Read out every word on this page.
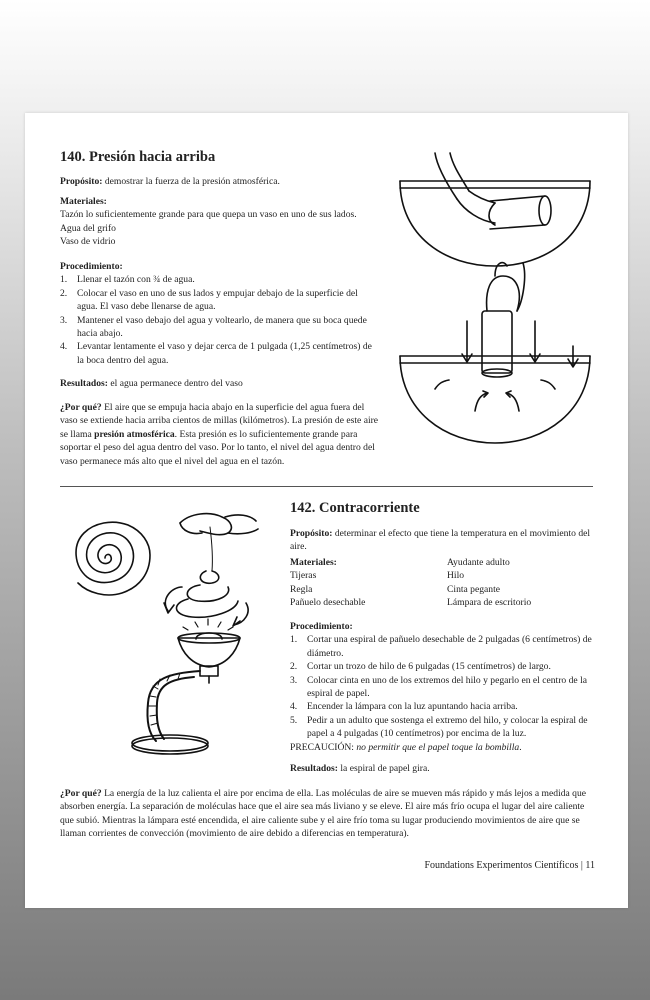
140. Presión hacia arriba
Propósito: demostrar la fuerza de la presión atmosférica.
Materiales:
Tazón lo suficientemente grande para que quepa un vaso en uno de sus lados.
Agua del grifo
Vaso de vidrio
Procedimiento:
1. Llenar el tazón con ¾ de agua.
2. Colocar el vaso en uno de sus lados y empujar debajo de la superficie del agua. El vaso debe llenarse de agua.
3. Mantener el vaso debajo del agua y voltearlo, de manera que su boca quede hacia abajo.
4. Levantar lentamente el vaso y dejar cerca de 1 pulgada (1,25 centímetros) de la boca dentro del agua.
Resultados: el agua permanece dentro del vaso
¿Por qué? El aire que se empuja hacia abajo en la superficie del agua fuera del vaso se extiende hacia arriba cientos de millas (kilómetros). La presión de este aire se llama presión atmosférica. Esta presión es lo suficientemente grande para soportar el peso del agua dentro del vaso. Por lo tanto, el nivel del agua dentro del vaso permanece más alto que el nivel del agua en el tazón.
142. Contracorriente
Propósito: determinar el efecto que tiene la temperatura en el movimiento del aire.
Materiales:
Tijeras
Regla
Pañuelo desechable
Ayudante adulto
Hilo
Cinta pegante
Lámpara de escritorio
Procedimiento:
1. Cortar una espiral de pañuelo desechable de 2 pulgadas (6 centímetros) de diámetro.
2. Cortar un trozo de hilo de 6 pulgadas (15 centímetros) de largo.
3. Colocar cinta en uno de los extremos del hilo y pegarlo en el centro de la espiral de papel.
4. Encender la lámpara con la luz apuntando hacia arriba.
5. Pedir a un adulto que sostenga el extremo del hilo, y colocar la espiral de papel a 4 pulgadas (10 centímetros) por encima de la luz.
PRECAUCIÓN: no permitir que el papel toque la bombilla.
Resultados: la espiral de papel gira.
¿Por qué? La energía de la luz calienta el aire por encima de ella. Las moléculas de aire se mueven más rápido y más lejos a medida que absorben energía. La separación de moléculas hace que el aire sea más liviano y se eleve. El aire más frío ocupa el lugar del aire caliente que subió. Mientras la lámpara esté encendida, el aire caliente sube y el aire frío toma su lugar produciendo movimientos de aire que se llaman corrientes de convección (movimiento de aire debido a diferencias en temperatura).
Foundations Experimentos Científicos | 11
